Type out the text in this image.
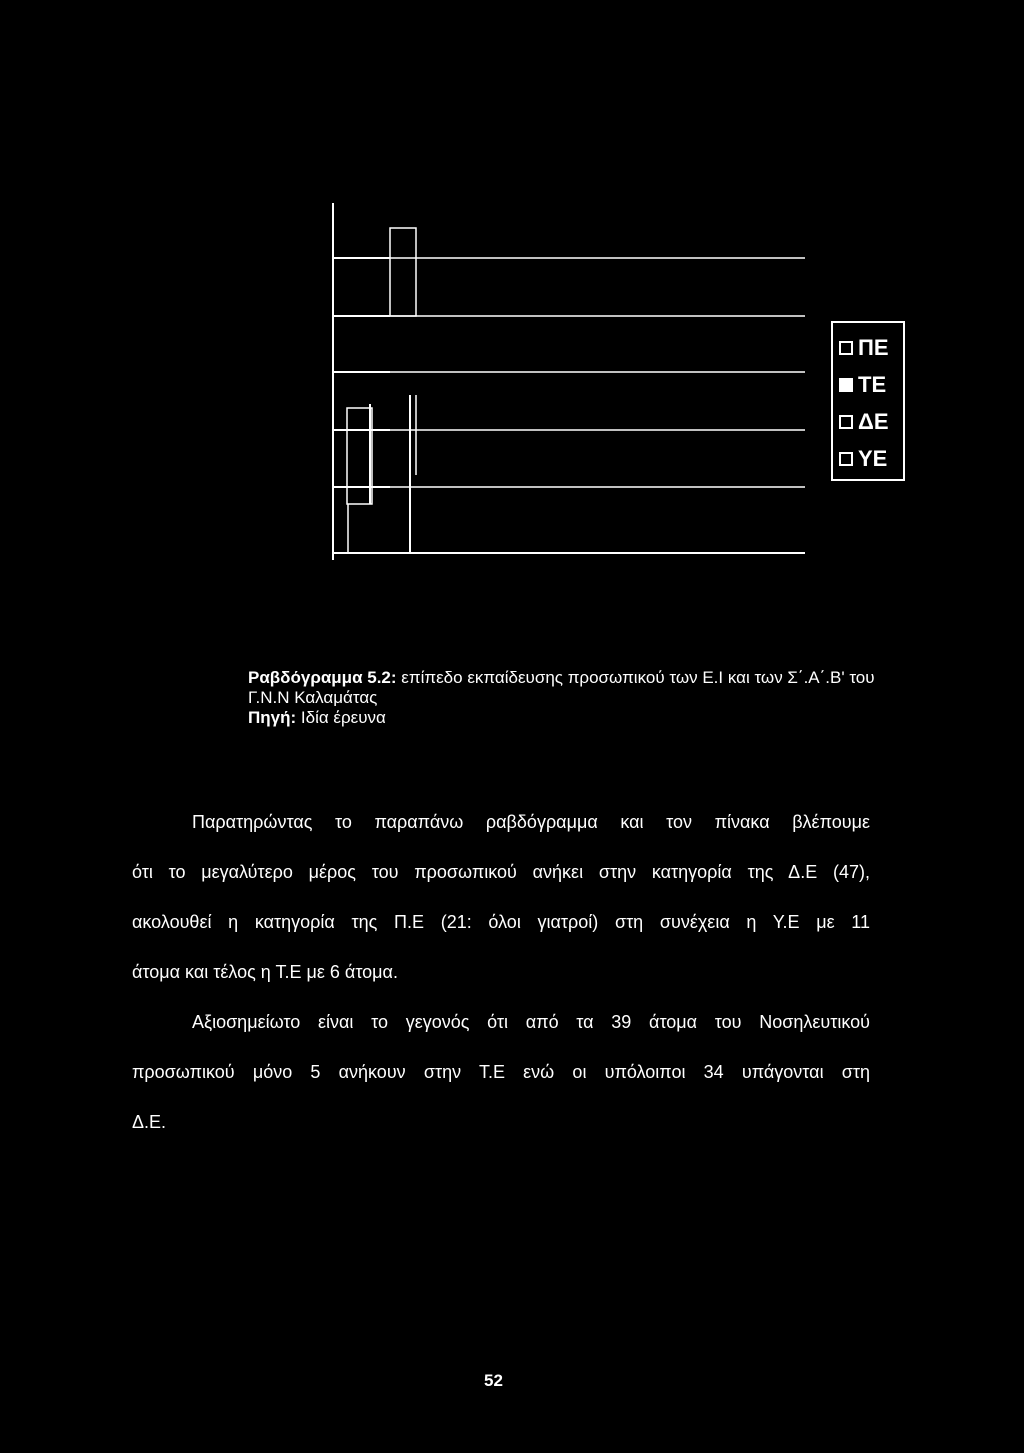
ΠΕ
ΤΕ
ΔΕ
ΥΕ
Ραβδόγραμμα 5.2: επίπεδο εκπαίδευσης προσωπικού των Ε.Ι και των Σ΄.Α΄.Β' του Γ.Ν.Ν Καλαμάτας
Πηγή: Ιδία έρευνα
Παρατηρώντας το παραπάνω ραβδόγραμμα και τον πίνακα βλέπουμε
ότι το μεγαλύτερο μέρος του προσωπικού ανήκει στην κατηγορία της Δ.Ε (47),
ακολουθεί η κατηγορία της Π.Ε (21: όλοι γιατροί) στη συνέχεια η Υ.Ε με 11
άτομα και τέλος η Τ.Ε με 6 άτομα.
Αξιοσημείωτο είναι το γεγονός ότι από τα 39 άτομα του Νοσηλευτικού
προσωπικού μόνο 5 ανήκουν στην Τ.Ε ενώ οι υπόλοιποι 34 υπάγονται στη
Δ.Ε.
52
